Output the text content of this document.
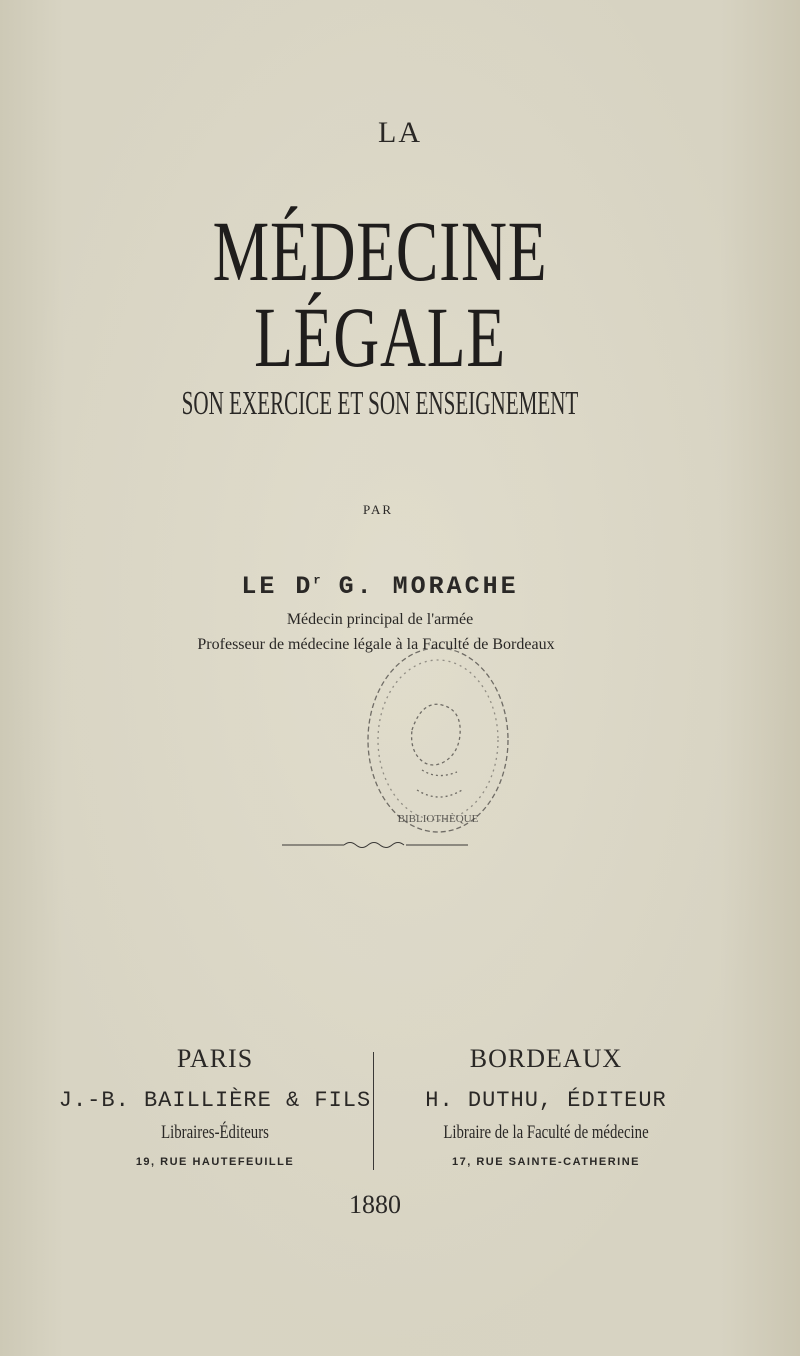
LA
MÉDECINE LÉGALE
SON EXERCICE ET SON ENSEIGNEMENT
PAR
LE $D^r$ G. MORACHE
Médecin principal de l'armée
Professeur de médecine légale à la Faculté de Bordeaux
BIBLIOTHÈQUE
PARIS
J.-B. BAILLIÈRE & FILS
Libraires-Éditeurs
19, RUE HAUTEFEUILLE
BORDEAUX
H. DUTHU, ÉDITEUR
Libraire de la Faculté de médecine
17, RUE SAINTE-CATHERINE
1880
